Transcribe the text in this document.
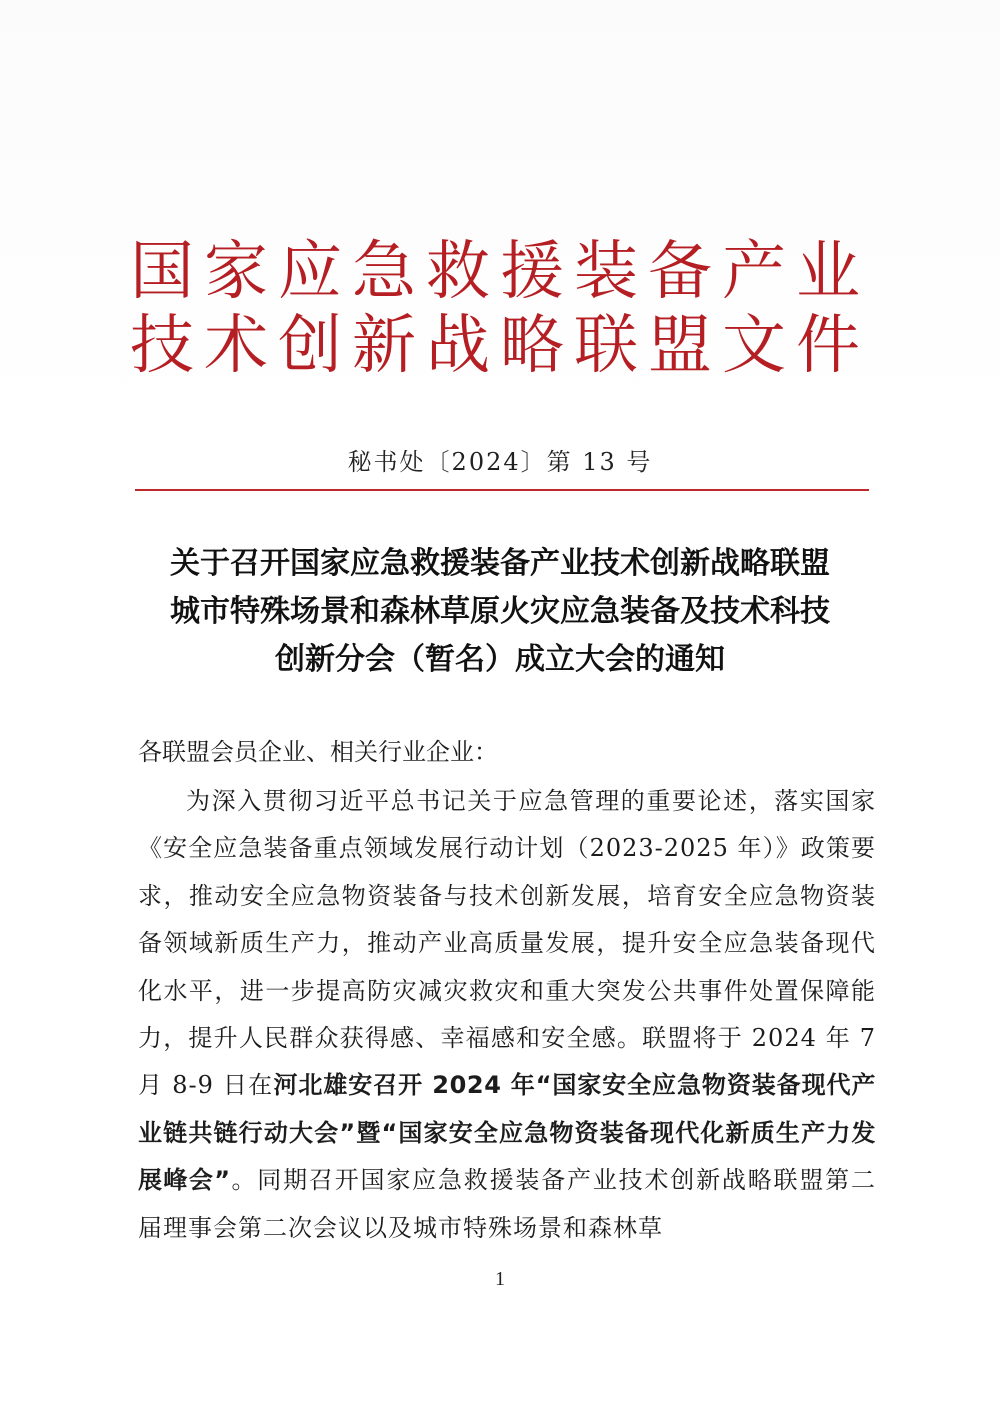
国家应急救援装备产业
技术创新战略联盟文件
秘书处〔2024〕第 13 号
关于召开国家应急救援装备产业技术创新战略联盟
城市特殊场景和森林草原火灾应急装备及技术科技
创新分会（暂名）成立大会的通知
各联盟会员企业、相关行业企业：
为深入贯彻习近平总书记关于应急管理的重要论述，落实国家《安全应急装备重点领域发展行动计划（2023-2025 年）》政策要求，推动安全应急物资装备与技术创新发展，培育安全应急物资装备领域新质生产力，推动产业高质量发展，提升安全应急装备现代化水平，进一步提高防灾减灾救灾和重大突发公共事件处置保障能力，提升人民群众获得感、幸福感和安全感。联盟将于 2024 年 7 月 8-9 日在河北雄安召开 2024 年“国家安全应急物资装备现代产业链共链行动大会”暨“国家安全应急物资装备现代化新质生产力发展峰会”。同期召开国家应急救援装备产业技术创新战略联盟第二届理事会第二次会议以及城市特殊场景和森林草
1
